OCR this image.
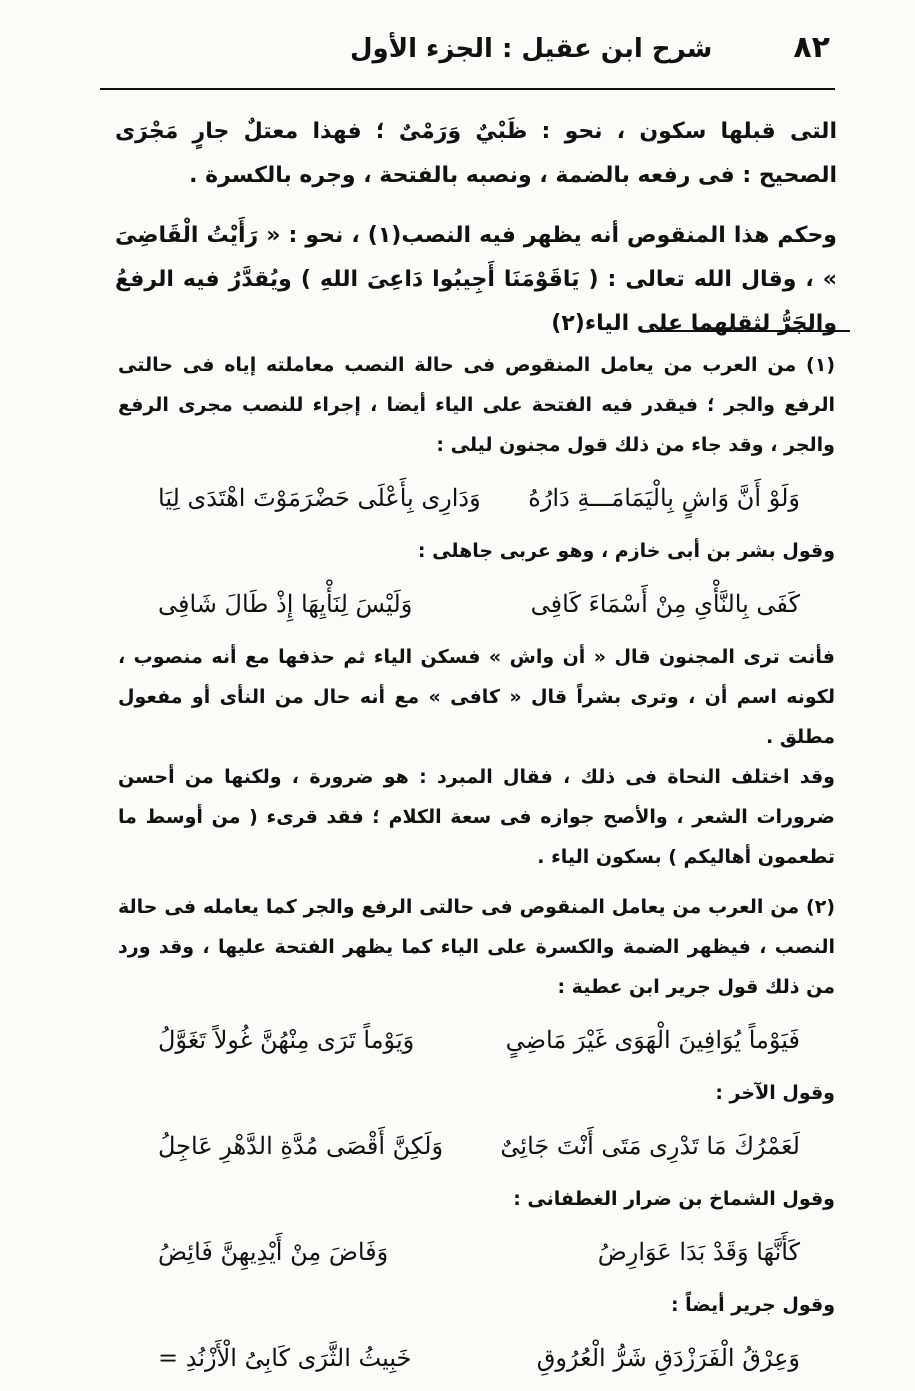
٨٢
شرح ابن عقيل : الجزء الأول

التى قبلها سكون ، نحو : ظَبْيٌ وَرَمْىٌ ؛ فهذا معتلٌ جارٍ مَجْرَى الصحيح : فى رفعه بالضمة ، ونصبه بالفتحة ، وجره بالكسرة .

وحكم هذا المنقوص أنه يظهر فيه النصب(١) ، نحو : « رَأَيْتُ الْقَاضِىَ » ، وقال الله تعالى : ( يَاقَوْمَنَا أَجِيبُوا دَاعِىَ اللهِ ) ويُقدَّرُ فيه الرفعُ والجَرُّ لثقلهما على الياء(٢)

(١) من العرب من يعامل المنقوص فى حالة النصب معاملته إياه فى حالتى الرفع والجر ؛ فيقدر فيه الفتحة على الياء أيضا ، إجراء للنصب مجرى الرفع والجر ، وقد جاء من ذلك قول مجنون ليلى :

وَلَوْ أَنَّ وَاشٍ بِالْيَمَامَـــةِ دَارُهُ
وَدَارِى بِأَعْلَى حَضْرَمَوْتَ اهْتَدَى لِيَا

وقول بشر بن أبى خازم ، وهو عربى جاهلى :

كَفَى بِالنَّأْىِ مِنْ أَسْمَاءَ كَافِى
وَلَيْسَ لِنَأْيِهَا إِذْ طَالَ شَافِى

فأنت ترى المجنون قال « أن واش » فسكن الياء ثم حذفها مع أنه منصوب ، لكونه اسم أن ، وترى بشراً قال « كافى » مع أنه حال من النأى أو مفعول مطلق .

وقد اختلف النحاة فى ذلك ، فقال المبرد : هو ضرورة ، ولكنها من أحسن ضرورات الشعر ، والأصح جوازه فى سعة الكلام ؛ فقد قرىء ( من أوسط ما تطعمون أهاليكم ) بسكون الياء .

(٢) من العرب من يعامل المنقوص فى حالتى الرفع والجر كما يعامله فى حالة النصب ، فيظهر الضمة والكسرة على الياء كما يظهر الفتحة عليها ، وقد ورد من ذلك قول جرير ابن عطية :

فَيَوْماً يُوَافِينَ الْهَوَى غَيْرَ مَاضِىٍ
وَيَوْماً تَرَى مِنْهُنَّ غُولاً تَغَوَّلُ

وقول الآخر :

لَعَمْرُكَ مَا تَدْرِى مَتَى أَنْتَ جَائِىٌ
وَلَكِنَّ أَقْصَى مُدَّةِ الدَّهْرِ عَاجِلُ

وقول الشماخ بن ضرار الغطفانى :

كَأَنَّهَا وَقَدْ بَدَا عَوَارِضُ
وَفَاضَ مِنْ أَيْدِيهِنَّ فَائِضُ

وقول جرير أيضاً :

وَعِرْقُ الْفَرَزْدَقِ شَرُّ الْعُرُوقِ
خَبِيثُ الثَّرَى كَابِىُ الْأَزْنُدِ =
